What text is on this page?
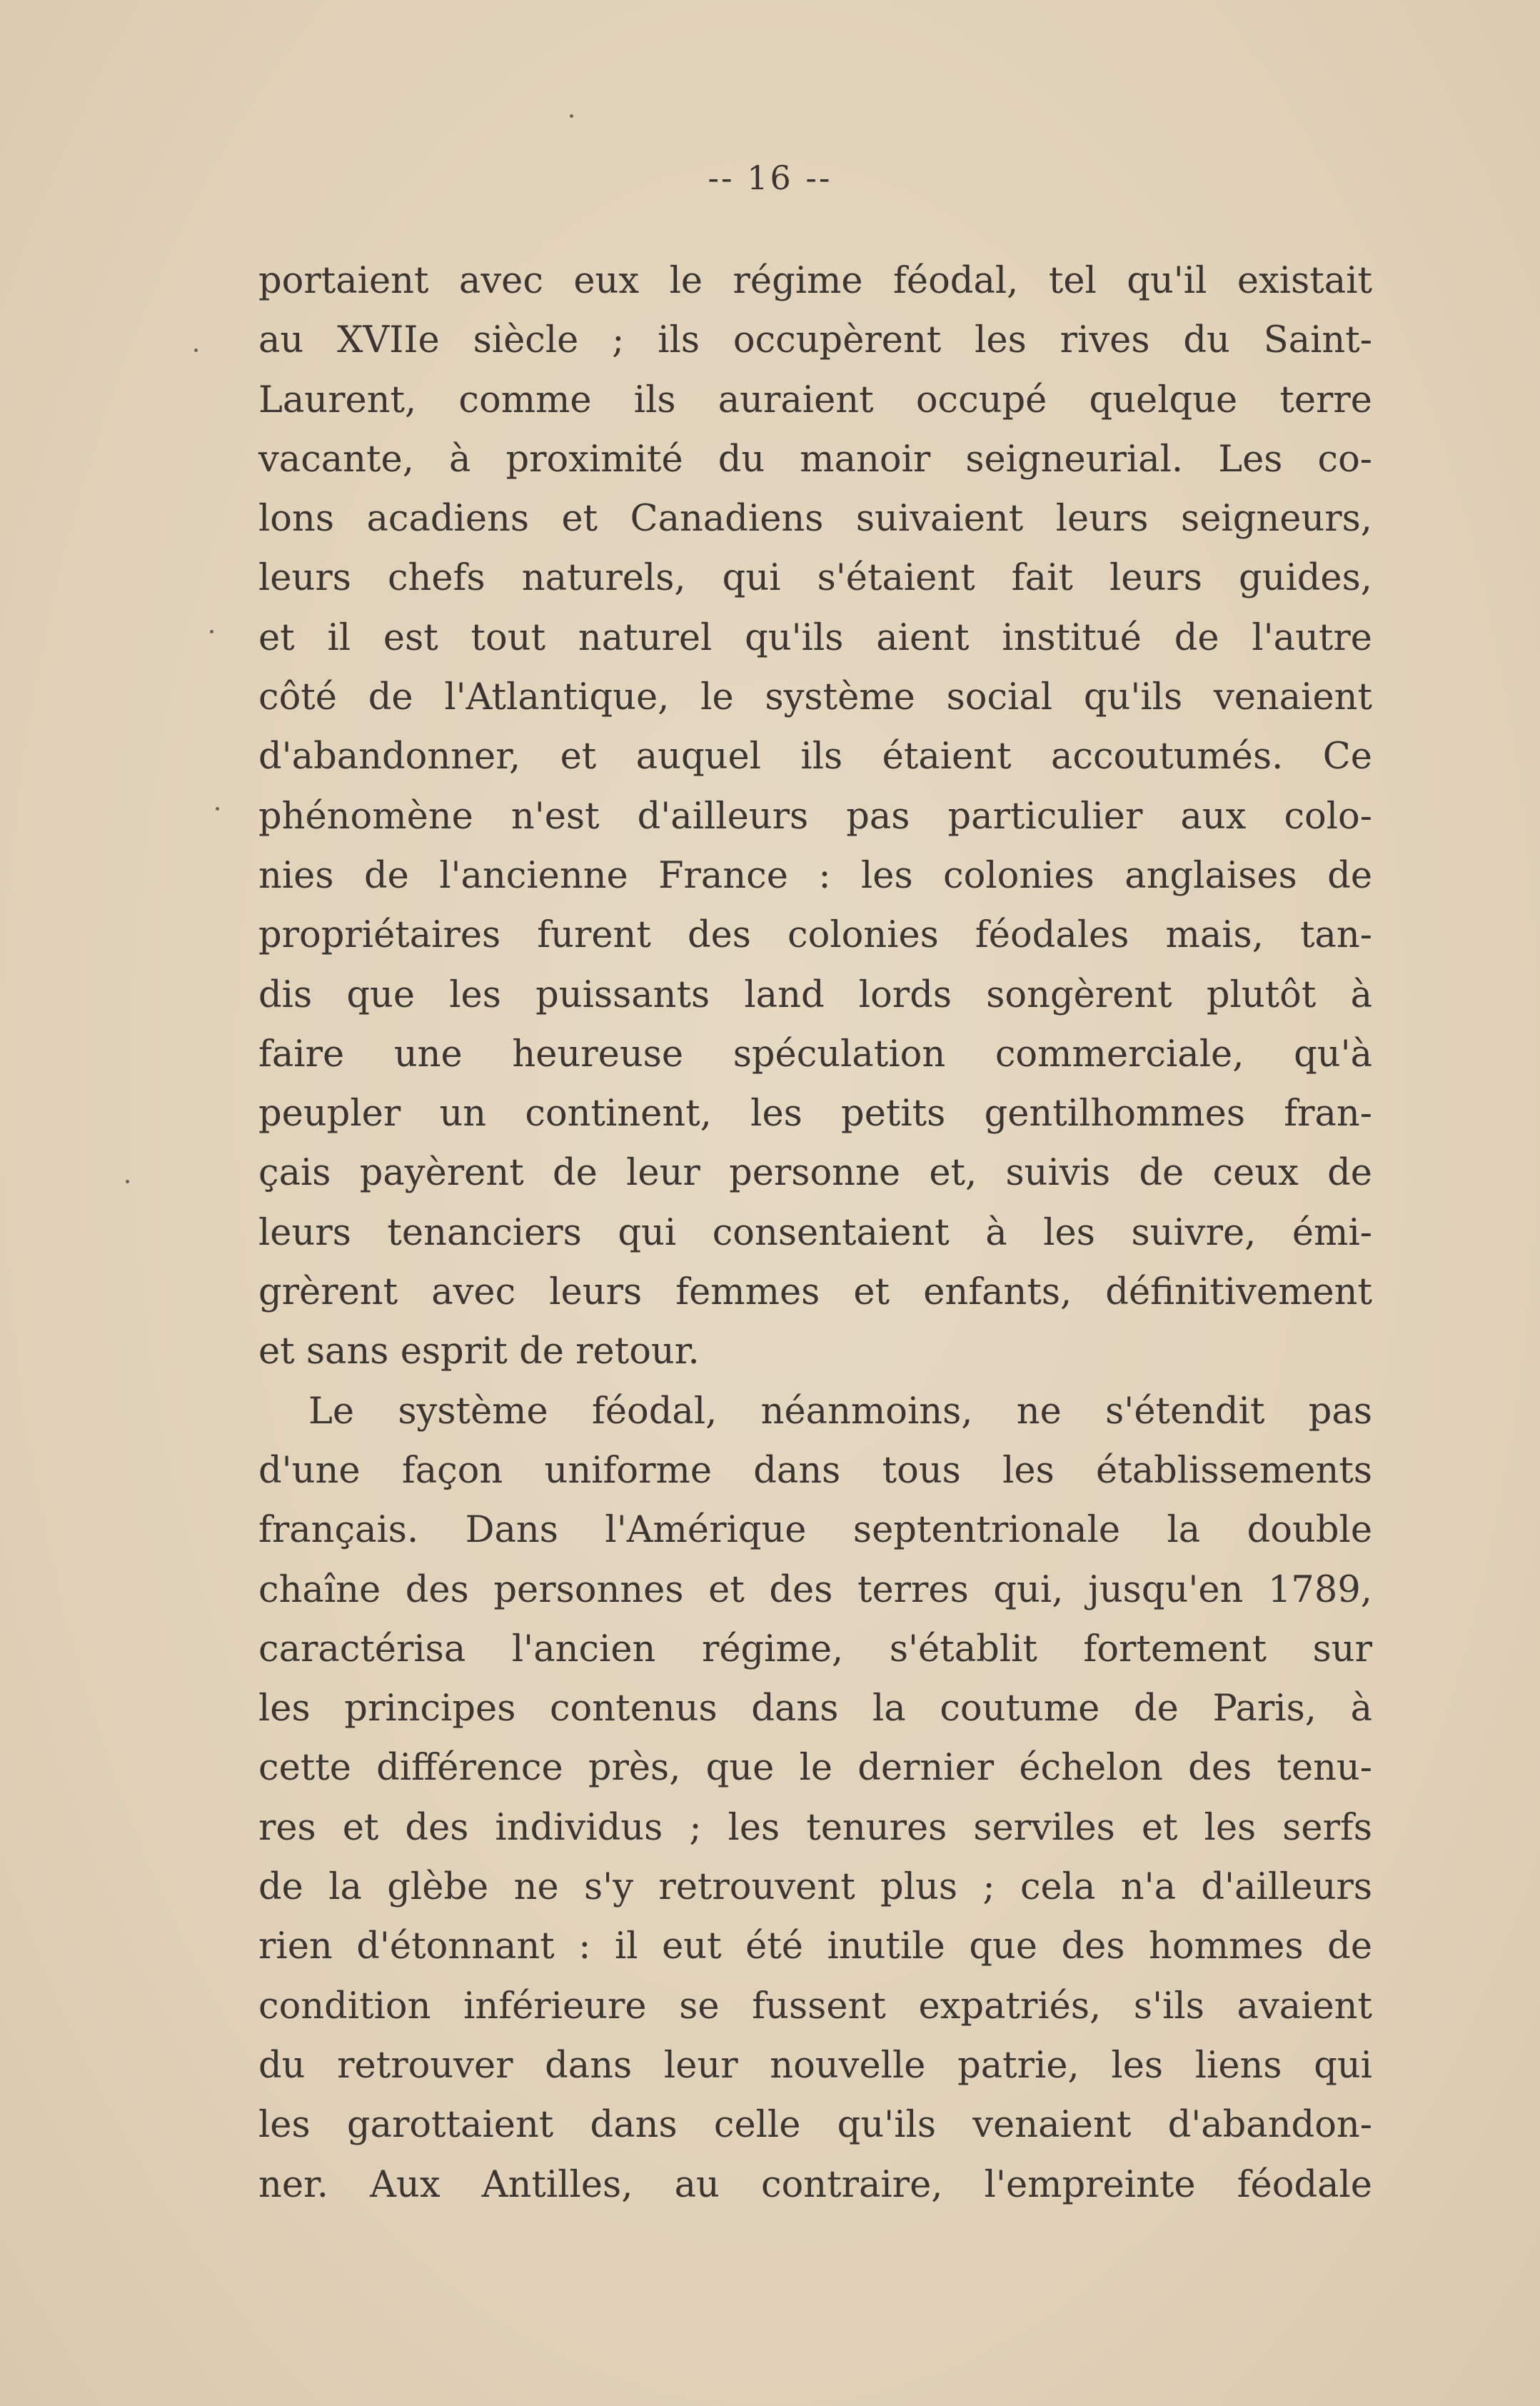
-- 16 --
portaient avec eux le régime féodal, tel qu'il existait
au XVIIe siècle ; ils occupèrent les rives du Saint-
Laurent, comme ils auraient occupé quelque terre
vacante, à proximité du manoir seigneurial. Les co-
lons acadiens et Canadiens suivaient leurs seigneurs,
leurs chefs naturels, qui s'étaient fait leurs guides,
et il est tout naturel qu'ils aient institué de l'autre
côté de l'Atlantique, le système social qu'ils venaient
d'abandonner, et auquel ils étaient accoutumés. Ce
phénomène n'est d'ailleurs pas particulier aux colo-
nies de l'ancienne France : les colonies anglaises de
propriétaires furent des colonies féodales mais, tan-
dis que les puissants land lords songèrent plutôt à
faire une heureuse spéculation commerciale, qu'à
peupler un continent, les petits gentilhommes fran-
çais payèrent de leur personne et, suivis de ceux de
leurs tenanciers qui consentaient à les suivre, émi-
grèrent avec leurs femmes et enfants, définitivement
et sans esprit de retour.
Le système féodal, néanmoins, ne s'étendit pas
d'une façon uniforme dans tous les établissements
français. Dans l'Amérique septentrionale la double
chaîne des personnes et des terres qui, jusqu'en 1789,
caractérisa l'ancien régime, s'établit fortement sur
les principes contenus dans la coutume de Paris, à
cette différence près, que le dernier échelon des tenu-
res et des individus ; les tenures serviles et les serfs
de la glèbe ne s'y retrouvent plus ; cela n'a d'ailleurs
rien d'étonnant : il eut été inutile que des hommes de
condition inférieure se fussent expatriés, s'ils avaient
du retrouver dans leur nouvelle patrie, les liens qui
les garottaient dans celle qu'ils venaient d'abandon-
ner. Aux Antilles, au contraire, l'empreinte féodale
